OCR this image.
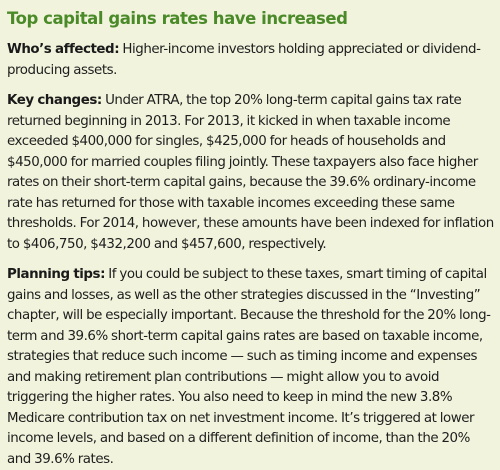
Top capital gains rates have increased

Who’s affected: Higher-income investors holding appreciated or dividend-producing assets.

Key changes: Under ATRA, the top 20% long-term capital gains tax rate returned beginning in 2013. For 2013, it kicked in when taxable income exceeded $400,000 for singles, $425,000 for heads of households and $450,000 for married couples filing jointly. These taxpayers also face higher rates on their short-term capital gains, because the 39.6% ordinary-income rate has returned for those with taxable incomes exceeding these same thresholds. For 2014, however, these amounts have been indexed for inflation to $406,750, $432,200 and $457,600, respectively.

Planning tips: If you could be subject to these taxes, smart timing of capital gains and losses, as well as the other strategies discussed in the “Investing” chapter, will be especially important. Because the threshold for the 20% long-term and 39.6% short-term capital gains rates are based on taxable income, strategies that reduce such income — such as timing income and expenses and making retirement plan contributions — might allow you to avoid triggering the higher rates. You also need to keep in mind the new 3.8% Medicare contribution tax on net investment income. It’s triggered at lower income levels, and based on a different definition of income, than the 20% and 39.6% rates.
